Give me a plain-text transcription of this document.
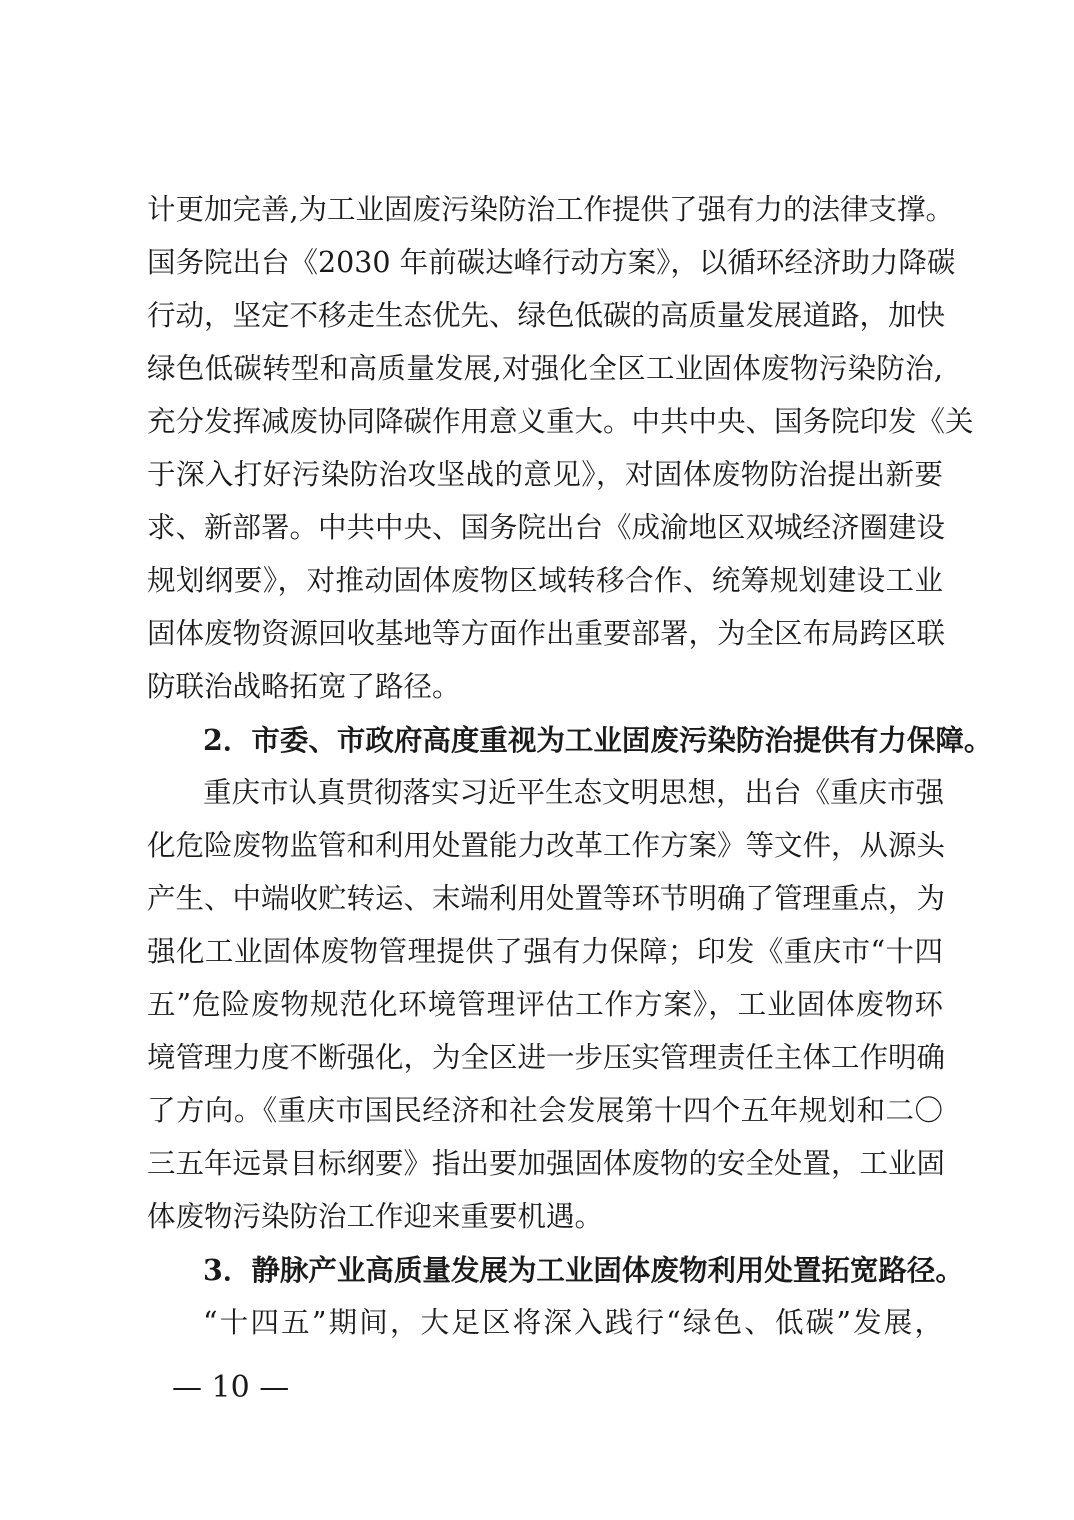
计更加完善,为工业固废污染防治工作提供了强有力的法律支撑。
国务院出台《2030 年前碳达峰行动方案》，以循环经济助力降碳
行动，坚定不移走生态优先、绿色低碳的高质量发展道路，加快
绿色低碳转型和高质量发展,对强化全区工业固体废物污染防治,
充分发挥减废协同降碳作用意义重大。中共中央、国务院印发《关
于深入打好污染防治攻坚战的意见》，对固体废物防治提出新要
求、新部署。中共中央、国务院出台《成渝地区双城经济圈建设
规划纲要》，对推动固体废物区域转移合作、统筹规划建设工业
固体废物资源回收基地等方面作出重要部署，为全区布局跨区联
防联治战略拓宽了路径。
2．市委、市政府高度重视为工业固废污染防治提供有力保障。
重庆市认真贯彻落实习近平生态文明思想，出台《重庆市强
化危险废物监管和利用处置能力改革工作方案》等文件，从源头
产生、中端收贮转运、末端利用处置等环节明确了管理重点，为
强化工业固体废物管理提供了强有力保障；印发《重庆市“十四
五”危险废物规范化环境管理评估工作方案》，工业固体废物环
境管理力度不断强化，为全区进一步压实管理责任主体工作明确
了方向。《重庆市国民经济和社会发展第十四个五年规划和二〇
三五年远景目标纲要》指出要加强固体废物的安全处置，工业固
体废物污染防治工作迎来重要机遇。
3．静脉产业高质量发展为工业固体废物利用处置拓宽路径。
“十四五”期间，大足区将深入践行“绿色、低碳”发展，
— 10 —
